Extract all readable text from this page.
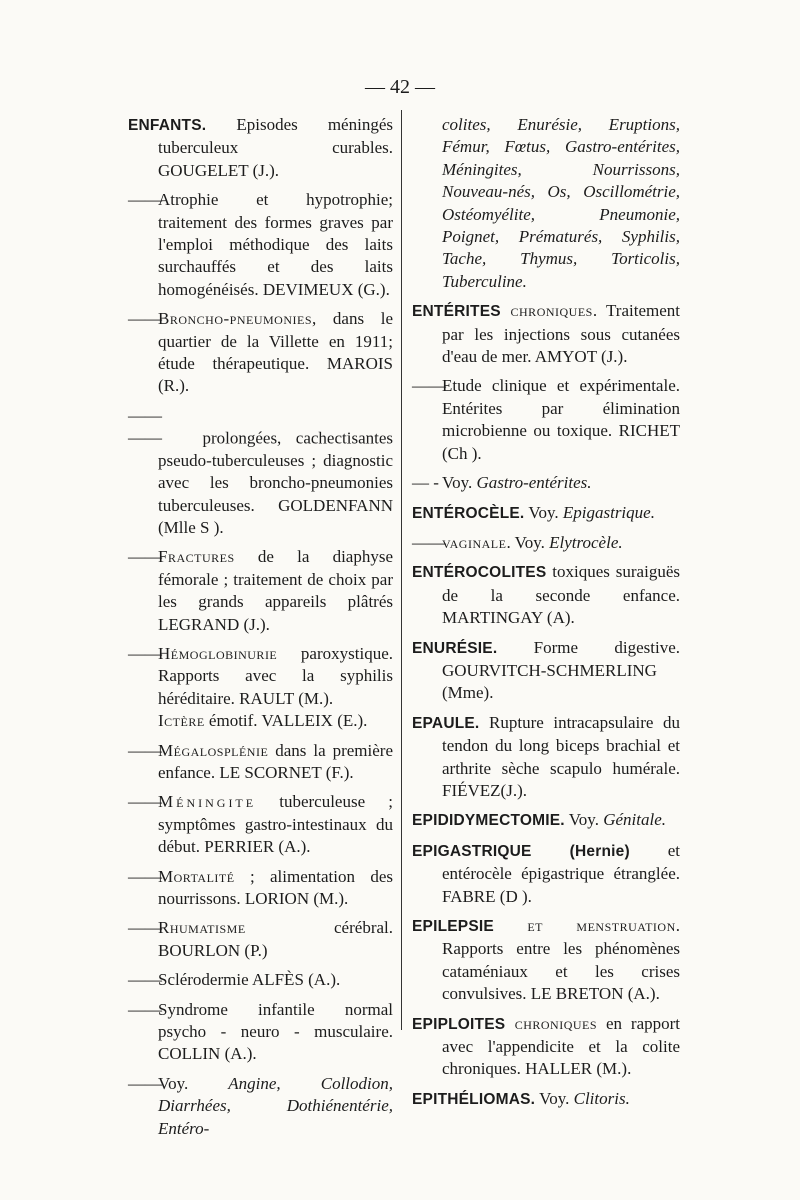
— 42 —

ENFANTS. Episodes méningés tuberculeux curables. GOUGELET (J.).

——Atrophie et hypotrophie; traitement des formes graves par l'emploi méthodique des laits surchauffés et des laits homogénéisés. DEVIMEUX (G.).

——Broncho-pneumonies, dans le quartier de la Villette en 1911; étude thérapeutique. MAROIS (R.).

—— —— prolongées, cachectisantes pseudo-tuberculeuses ; diagnostic avec les broncho-pneumonies tuberculeuses. GOLDENFANN (Mlle S ).

——Fractures de la diaphyse fémorale ; traitement de choix par les grands appareils plâtrés LEGRAND (J.).

——Hémoglobinurie paroxystique. Rapports avec la syphilis héréditaire. RAULT (M.).

Ictère émotif. VALLEIX (E.).

——Mégalosplénie dans la première enfance. LE SCORNET (F.).

——Méningite tuberculeuse ; symptômes gastro-intestinaux du début. PERRIER (A.).

——Mortalité ; alimentation des nourrissons. LORION (M.).

——Rhumatisme cérébral. BOURLON (P.)

——Sclérodermie ALFÈS (A.).

——Syndrome infantile normal psycho - neuro - musculaire. COLLIN (A.).

——Voy. Angine, Collodion, Diarrhées, Dothiénentérie, Entéro-

colites, Enurésie, Eruptions, Fémur, Fœtus, Gastro-entérites, Méningites, Nourrissons, Nouveau-nés, Os, Oscillométrie, Ostéomyélite, Pneumonie, Poignet, Prématurés, Syphilis, Tache, Thymus, Torticolis, Tuberculine.

ENTÉRITES chroniques. Traitement par les injections sous cutanées d'eau de mer. AMYOT (J.).

——Etude clinique et expérimentale. Entérites par élimination microbienne ou toxique. RICHET (Ch ).

— - Voy. Gastro-entérites.

ENTÉROCÈLE. Voy. Epigastrique.

——vaginale. Voy. Elytrocèle.

ENTÉROCOLITES toxiques suraiguës de la seconde enfance. MARTINGAY (A).

ENURÉSIE. Forme digestive. GOURVITCH-SCHMERLING (Mme).

EPAULE. Rupture intracapsulaire du tendon du long biceps brachial et arthrite sèche scapulo humérale. FIÉVEZ(J.).

EPIDIDYMECTOMIE. Voy. Génitale.

EPIGASTRIQUE (Hernie) et entérocèle épigastrique étranglée. FABRE (D ).

EPILEPSIE et menstruation. Rapports entre les phénomènes cataméniaux et les crises convulsives. LE BRETON (A.).

EPIPLOITES chroniques en rapport avec l'appendicite et la colite chroniques. HALLER (M.).

EPITHÉLIOMAS. Voy. Clitoris.
